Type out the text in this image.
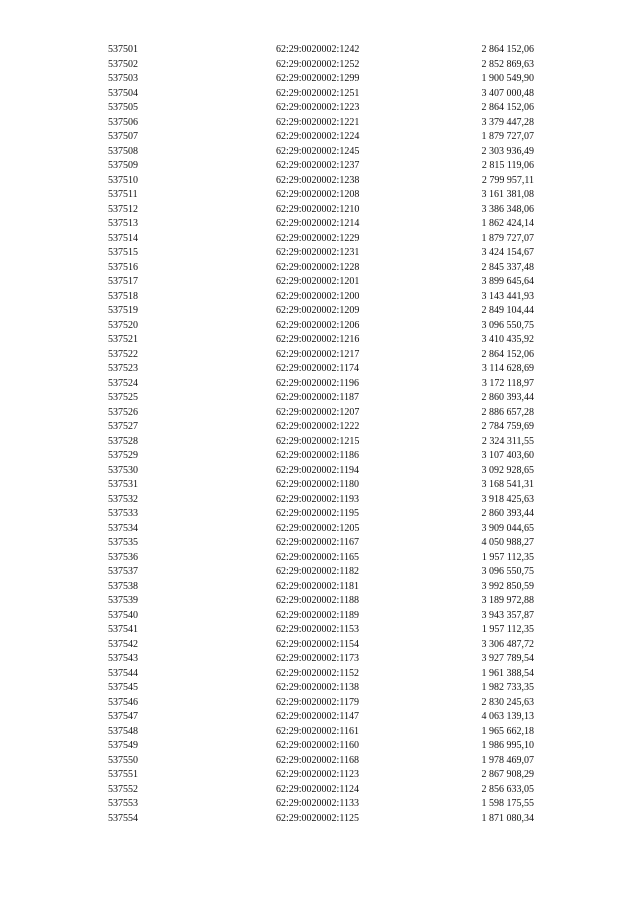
537501	62:29:0020002:1242	2 864 152,06
537502	62:29:0020002:1252	2 852 869,63
537503	62:29:0020002:1299	1 900 549,90
537504	62:29:0020002:1251	3 407 000,48
537505	62:29:0020002:1223	2 864 152,06
537506	62:29:0020002:1221	3 379 447,28
537507	62:29:0020002:1224	1 879 727,07
537508	62:29:0020002:1245	2 303 936,49
537509	62:29:0020002:1237	2 815 119,06
537510	62:29:0020002:1238	2 799 957,11
537511	62:29:0020002:1208	3 161 381,08
537512	62:29:0020002:1210	3 386 348,06
537513	62:29:0020002:1214	1 862 424,14
537514	62:29:0020002:1229	1 879 727,07
537515	62:29:0020002:1231	3 424 154,67
537516	62:29:0020002:1228	2 845 337,48
537517	62:29:0020002:1201	3 899 645,64
537518	62:29:0020002:1200	3 143 441,93
537519	62:29:0020002:1209	2 849 104,44
537520	62:29:0020002:1206	3 096 550,75
537521	62:29:0020002:1216	3 410 435,92
537522	62:29:0020002:1217	2 864 152,06
537523	62:29:0020002:1174	3 114 628,69
537524	62:29:0020002:1196	3 172 118,97
537525	62:29:0020002:1187	2 860 393,44
537526	62:29:0020002:1207	2 886 657,28
537527	62:29:0020002:1222	2 784 759,69
537528	62:29:0020002:1215	2 324 311,55
537529	62:29:0020002:1186	3 107 403,60
537530	62:29:0020002:1194	3 092 928,65
537531	62:29:0020002:1180	3 168 541,31
537532	62:29:0020002:1193	3 918 425,63
537533	62:29:0020002:1195	2 860 393,44
537534	62:29:0020002:1205	3 909 044,65
537535	62:29:0020002:1167	4 050 988,27
537536	62:29:0020002:1165	1 957 112,35
537537	62:29:0020002:1182	3 096 550,75
537538	62:29:0020002:1181	3 992 850,59
537539	62:29:0020002:1188	3 189 972,88
537540	62:29:0020002:1189	3 943 357,87
537541	62:29:0020002:1153	1 957 112,35
537542	62:29:0020002:1154	3 306 487,72
537543	62:29:0020002:1173	3 927 789,54
537544	62:29:0020002:1152	1 961 388,54
537545	62:29:0020002:1138	1 982 733,35
537546	62:29:0020002:1179	2 830 245,63
537547	62:29:0020002:1147	4 063 139,13
537548	62:29:0020002:1161	1 965 662,18
537549	62:29:0020002:1160	1 986 995,10
537550	62:29:0020002:1168	1 978 469,07
537551	62:29:0020002:1123	2 867 908,29
537552	62:29:0020002:1124	2 856 633,05
537553	62:29:0020002:1133	1 598 175,55
537554	62:29:0020002:1125	1 871 080,34
